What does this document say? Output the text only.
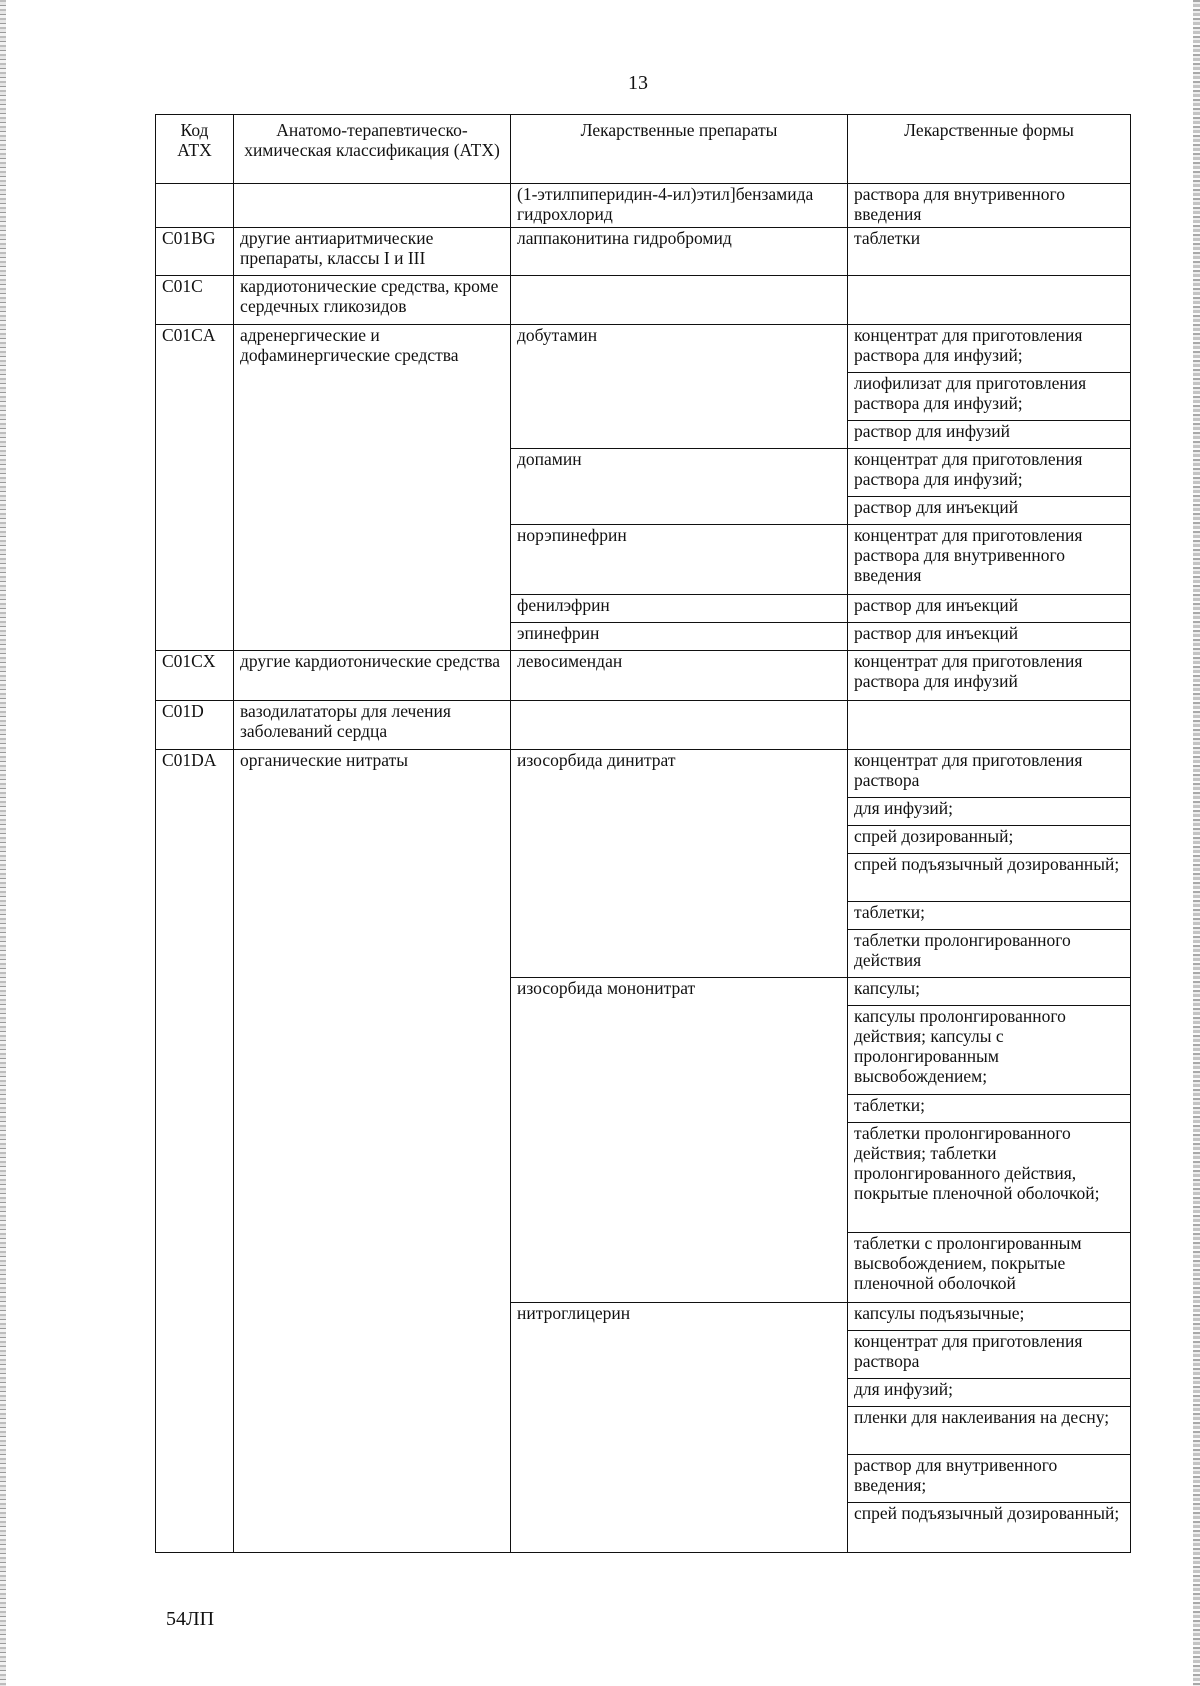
13
Код АТХ	Анатомо-терапевтическо-химическая классификация (АТХ)	Лекарственные препараты	Лекарственные формы
		(1-этилпиперидин-4-ил)этил]бензамида гидрохлорид	раствора для внутривенного введения
C01BG	другие антиаритмические препараты, классы I и III	лаппаконитина гидробромид	таблетки
C01C	кардиотонические средства, кроме сердечных гликозидов		
C01CA	адренергические и дофаминергические средства	добутамин	концентрат для приготовления раствора для инфузий;
			лиофилизат для приготовления раствора для инфузий;
			раствор для инфузий
		допамин	концентрат для приготовления раствора для инфузий;
			раствор для инъекций
		норэпинефрин	концентрат для приготовления раствора для внутривенного введения
		фенилэфрин	раствор для инъекций
		эпинефрин	раствор для инъекций

C01CX	другие кардиотонические средства	левосимендан	концентрат для приготовления раствора для инфузий
C01D	вазодилататоры для лечения заболеваний сердца		
C01DA	органические нитраты	изосорбида динитрат	концентрат для приготовления раствора
			для инфузий;
			спрей дозированный;
			спрей подъязычный дозированный;
			таблетки;
			таблетки пролонгированного действия
		изосорбида мононитрат	капсулы;
			капсулы пролонгированного действия; капсулы с пролонгированным высвобождением;
			таблетки;
			таблетки пролонгированного действия; таблетки пролонгированного действия, покрытые пленочной оболочкой;
			таблетки с пролонгированным высвобождением, покрытые пленочной оболочкой
		нитроглицерин	капсулы подъязычные;
			концентрат для приготовления раствора
			для инфузий;
			пленки для наклеивания на десну;
			раствор для внутривенного введения;
			спрей подъязычный дозированный;
54ЛП
